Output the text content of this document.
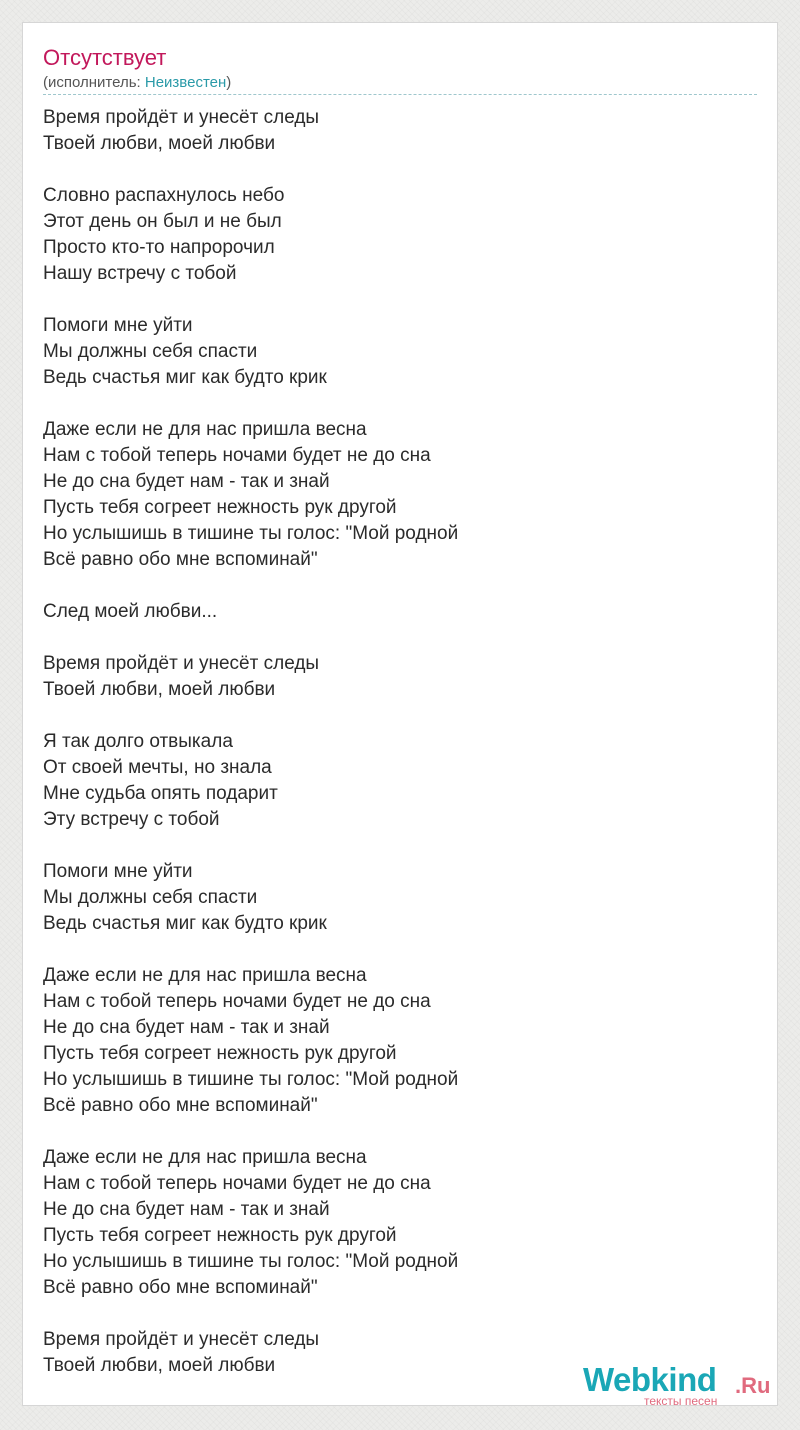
Отсутствует
(исполнитель: Неизвестен)
Время пройдёт и унесёт следы
Твоей любви, моей любви
Словно распахнулось небо
Этот день он был и не был
Просто кто-то напророчил
Нашу встречу с тобой
Помоги мне уйти
Мы должны себя спасти
Ведь счастья миг как будто крик
Даже если не для нас пришла весна
Нам с тобой теперь ночами будет не до сна
Не до сна будет нам - так и знай
Пусть тебя согреет нежность рук другой
Но услышишь в тишине ты голос: "Мой родной
Всё равно обо мне вспоминай"
След моей любви...
Время пройдёт и унесёт следы
Твоей любви, моей любви
Я так долго отвыкала
От своей мечты, но знала
Мне судьба опять подарит
Эту встречу с тобой
Помоги мне уйти
Мы должны себя спасти
Ведь счастья миг как будто крик
Даже если не для нас пришла весна
Нам с тобой теперь ночами будет не до сна
Не до сна будет нам - так и знай
Пусть тебя согреет нежность рук другой
Но услышишь в тишине ты голос: "Мой родной
Всё равно обо мне вспоминай"
Даже если не для нас пришла весна
Нам с тобой теперь ночами будет не до сна
Не до сна будет нам - так и знай
Пусть тебя согреет нежность рук другой
Но услышишь в тишине ты голос: "Мой родной
Всё равно обо мне вспоминай"
Время пройдёт и унесёт следы
Твоей любви, моей любви	Webkind .Ru
тексты песен
